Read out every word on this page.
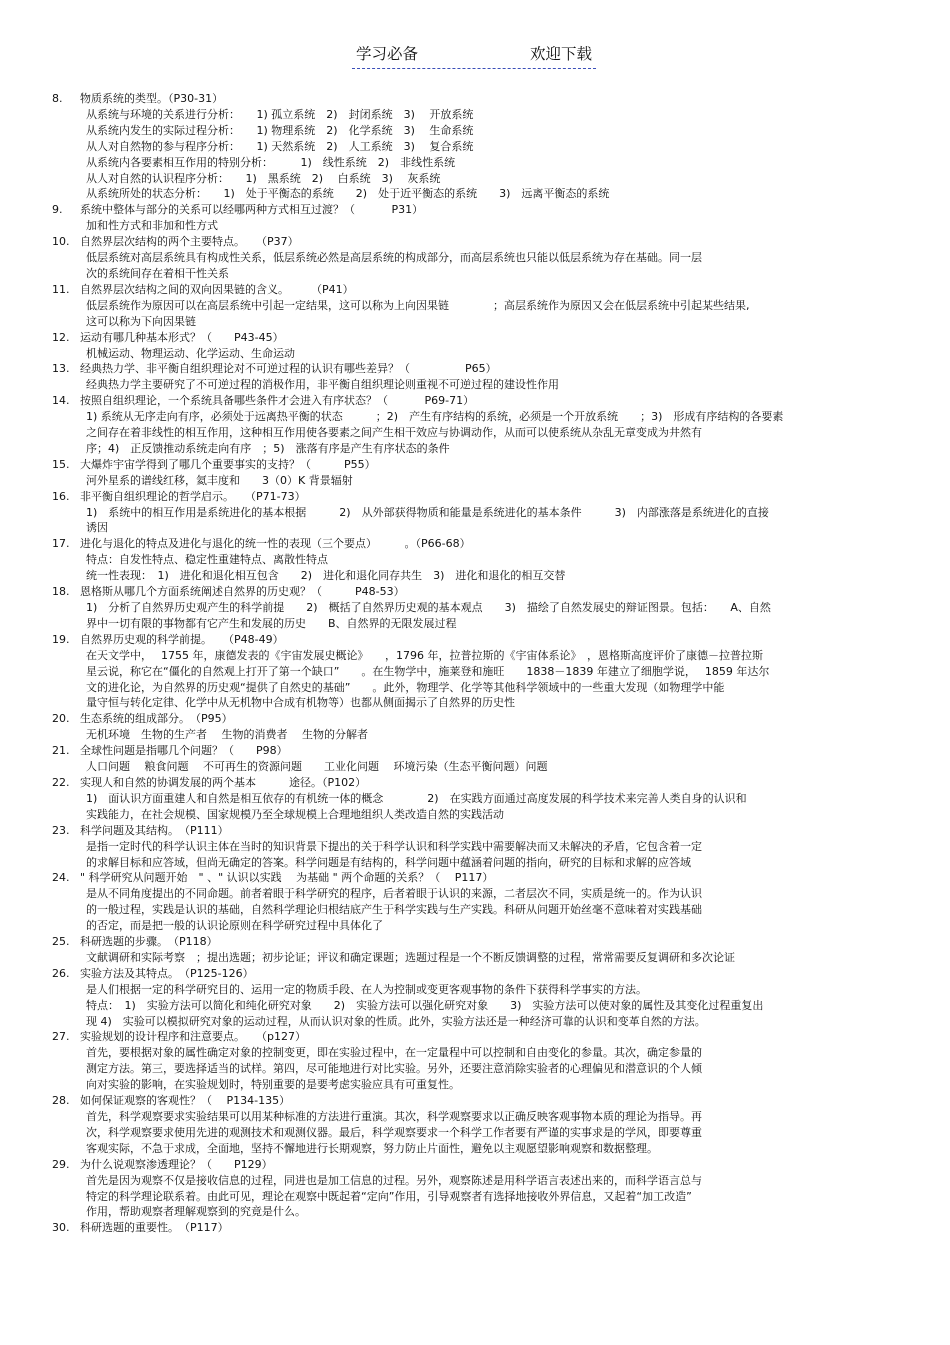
学习必备	欢迎下载
8.	物质系统的类型。（P30-31）
从系统与环境的关系进行分析：　　1) 孤立系统　2)　封闭系统　3)　 开放系统
从系统内发生的实际过程分析：　　1) 物理系统　2)　化学系统　3)　 生命系统
从人对自然物的参与程序分析：　　1) 天然系统　2)　人工系统　3)　 复合系统
从系统内各要素相互作用的特别分析：　　　1)　线性系统　2)　非线性系统
从人对自然的认识程序分析：　　1)　黑系统　2)　 白系统　3)　 灰系统
从系统所处的状态分析：　　1)　处于平衡态的系统　　2)　处于近平衡态的系统　　3)　远离平衡态的系统
9.	系统中整体与部分的关系可以经哪两种方式相互过渡？（　　　 P31）
加和性方式和非加和性方式
10. 自然界层次结构的两个主要特点。　　（P37）
低层系统对高层系统具有构成性关系，低层系统必然是高层系统的构成部分，而高层系统也只能以低层系统为存在基础。同一层
次的系统间存在着相干性关系
11. 自然界层次结构之间的双向因果链的含义。　　　（P41）
低层系统作为原因可以在高层系统中引起一定结果，这可以称为上向因果链　　　　；高层系统作为原因又会在低层系统中引起某些结果,
这可以称为下向因果链
12. 运动有哪几种基本形式？（　　P43-45）
机械运动、物理运动、化学运动、生命运动
13. 经典热力学、非平衡自组织理论对不可逆过程的认识有哪些差异？（　　　　　P65）
经典热力学主要研究了不可逆过程的消极作用，非平衡自组织理论则重视不可逆过程的建设性作用
14. 按照自组织理论，一个系统具备哪些条件才会进入有序状态？（　　　 P69-71）
1) 系统从无序走向有序，必须处于远离热平衡的状态　　　；2)　产生有序结构的系统，必须是一个开放系统　　；3)　形成有序结构的各要素
之间存在着非线性的相互作用，这种相互作用使各要素之间产生相干效应与协调动作，从而可以使系统从杂乱无章变成为井然有
序；4)　正反馈推动系统走向有序　；5)　涨落有序是产生有序状态的条件
15. 大爆炸宇宙学得到了哪几个重要事实的支持？（　　　P55）
河外星系的谱线红移，氦丰度和　　3（0）K 背景辐射
16. 非平衡自组织理论的哲学启示。　　（P71-73）
1)　系统中的相互作用是系统进化的基本根据　　　2)　从外部获得物质和能量是系统进化的基本条件　　　3)　内部涨落是系统进化的直接
诱因
17. 进化与退化的特点及进化与退化的统一性的表现（三个要点）　　　。（P66-68）
特点：自发性特点、稳定性重建特点、离散性特点
统一性表现：　1)　进化和退化相互包含　　2)　进化和退化同存共生　3)　进化和退化的相互交替
18. 恩格斯从哪几个方面系统阐述自然界的历史观？（　　　P48-53）
1)　分析了自然界历史观产生的科学前提　　2)　概括了自然界历史观的基本观点　　3)　描绘了自然发展史的辩证图景。包括：　　A、自然
界中一切有限的事物都有它产生和发展的历史　　B、自然界的无限发展过程
19. 自然界历史观的科学前提。　　（P48-49）
在天文学中，　 1755 年，康德发表的《宇宙发展史概论》　　，1796 年，拉普拉斯的《宇宙体系论》　，恩格斯高度评价了康德－拉普拉斯
星云说，称它在“僵化的自然观上打开了第一个缺口”　　。在生物学中，施莱登和施旺　　1838－1839 年建立了细胞学说，　 1859 年达尔
文的进化论，为自然界的历史观“提供了自然史的基础”　　。此外，物理学、化学等其他科学领域中的一些重大发现（如物理学中能
量守恒与转化定律、化学中从无机物中合成有机物等）也都从侧面揭示了自然界的历史性
20. 生态系统的组成部分。　（P95）
无机环境　生物的生产者　 生物的消费者　 生物的分解者
21. 全球性问题是指哪几个问题？（　　P98）
人口问题　 粮食问题　 不可再生的资源问题　　工业化问题　 环境污染（生态平衡问题）问题
22. 实现人和自然的协调发展的两个基本　　　途径。（P102）
1)　面认识方面重建人和自然是相互依存的有机统一体的概念　　　　2)　在实践方面通过高度发展的科学技术来完善人类自身的认识和
实践能力，在社会规模、国家规模乃至全球规模上合理地组织人类改造自然的实践活动
23. 科学问题及其结构。　（P111）
是指一定时代的科学认识主体在当时的知识背景下提出的关于科学认识和科学实践中需要解决而又未解决的矛盾，它包含着一定
的求解目标和应答域，但尚无确定的答案。科学问题是有结构的，科学问题中蕴涵着问题的指向，研究的目标和求解的应答域
24. " 科学研究从问题开始　" 、" 认识以实践　 为基础 " 两个命题的关系？（　 P117）
是从不同角度提出的不同命题。前者着眼于科学研究的程序，后者着眼于认识的来源，二者层次不同，实质是统一的。作为认识
的一般过程，实践是认识的基础，自然科学理论归根结底产生于科学实践与生产实践。科研从问题开始丝毫不意味着对实践基础
的否定，而是把一般的认识论原则在科学研究过程中具体化了
25. 科研选题的步骤。　（P118）
文献调研和实际考察　；提出选题；初步论证；评议和确定课题；选题过程是一个不断反馈调整的过程，常常需要反复调研和多次论证
26. 实验方法及其特点。　（P125-126）
是人们根据一定的科学研究目的、运用一定的物质手段、在人为控制或变更客观事物的条件下获得科学事实的方法。
特点：　1)　实验方法可以简化和纯化研究对象　　2)　实验方法可以强化研究对象　　3)　实验方法可以使对象的属性及其变化过程重复出
现 4)　实验可以模拟研究对象的运动过程，从而认识对象的性质。此外，实验方法还是一种经济可靠的认识和变革自然的方法。
27. 实验规划的设计程序和注意要点。　　（p127）
首先，要根据对象的属性确定对象的控制变更，即在实验过程中，在一定量程中可以控制和自由变化的参量。其次，确定参量的
测定方法。第三，要选择适当的试样。第四，尽可能地进行对比实验。另外，还要注意消除实验者的心理偏见和潜意识的个人倾
向对实验的影响，在实验规划时，特别重要的是要考虑实验应具有可重复性。
28. 如何保证观察的客观性？（　 P134-135）
首先，科学观察要求实验结果可以用某种标准的方法进行重演。其次，科学观察要求以正确反映客观事物本质的理论为指导。再
次，科学观察要求使用先进的观测技术和观测仪器。最后，科学观察要求一个科学工作者要有严谨的实事求是的学风，即要尊重
客观实际，不急于求成，全面地，坚持不懈地进行长期观察，努力防止片面性，避免以主观愿望影响观察和数据整理。
29. 为什么说观察渗透理论？（　　P129）
首先是因为观察不仅是接收信息的过程，同进也是加工信息的过程。另外，观察陈述是用科学语言表述出来的，而科学语言总与
特定的科学理论联系着。由此可见，理论在观察中既起着“定向”作用，引导观察者有选择地接收外界信息，又起着“加工改造”
作用，帮助观察者理解观察到的究竟是什么。
30. 科研选题的重要性。　（P117）
